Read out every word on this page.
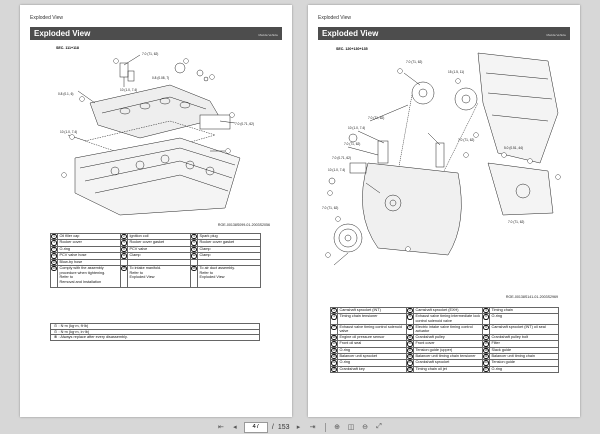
Exploded View
Exploded View	Mazda Vehicle
SEC. 111+118
7.0 (71, 62)
10 (1.0, 7.4)
0.8 (0.1, 6)
0.8 (0.08, 7)
7.0 (0.71, 62)
10 (1.0, 7.4)
ROE-00138S099-01-2003S2056
1	Oil filler cap	2	Ignition coil	3	Spark plug
4	Rocker cover	5	Rocker cover gasket	6	Rocker cover gasket
7	O-ring	8	PCV valve	9	Clamp
10	PCV valve hose	11	Clamp	12	Clamp
13	Blow-by hose				
14	Comply with the assembly procedure when tightening.
Refer to
Removal and Installation	15	To intake manifold.
Refer to
Exploded View	16	To air duct assembly.
Refer to
Exploded View
⊙: N·m (kg·m, ft·lb)
⊙: N·m (kg·m, in·lb)
⊗: Always replace after every disassembly.
Exploded View
Exploded View	Mazda Vehicle
SEC. 120+130+135
7.0 (71, 62)
15 (1.5, 11)
7.0 (71, 62)
10 (1.0, 7.4)
7.0 (71, 62)
7.0 (0.71, 62)
10 (1.0, 7.4)
7.0 (71, 62)
7.0 (71, 62)
5.0 (0.51, 44)
7.0 (71, 62)
ROE-00138S141-01-2003S2969
1	Camshaft sprocket (INT)	2	Camshaft sprocket (EXH)	3	Timing chain
4	Timing chain tensioner	5	Exhaust valve timing intermediate lock control solenoid valve	6	O-ring
7	Exhaust valve timing control solenoid valve	8	Electric intake valve timing control actuator	9	Camshaft sprocket (INT) oil seal
10	Engine oil pressure sensor	11	Crankshaft pulley	12	Crankshaft pulley bolt
13	Front oil seal	14	Front cover	15	Filter
16	O-ring	17	Tension guide (upper)	18	Slack guide
19	Balancer unit sprocket	20	Balancer unit timing chain tensioner	21	Balancer unit timing chain
22	O-ring	23	Crankshaft sprocket	24	Tension guide
25	Crankshaft key	26	Timing chain oil jet	27	O-ring
⇤	◂
47	/ 153	▸	⇥	⊕ ◫ ⊖	⤢
